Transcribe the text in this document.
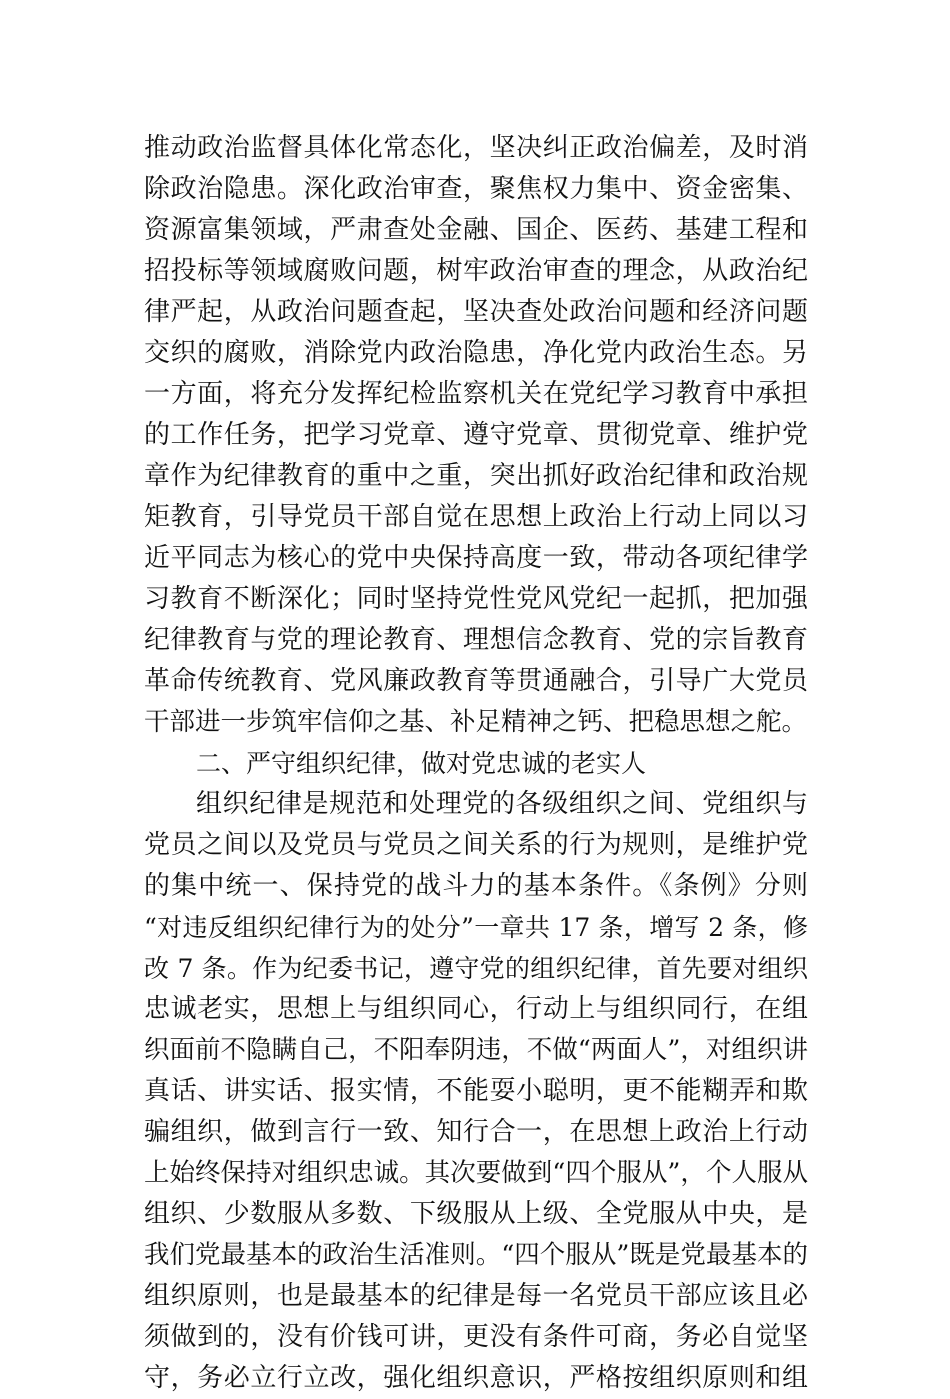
推动政治监督具体化常态化，坚决纠正政治偏差，及时消
除政治隐患。深化政治审查，聚焦权力集中、资金密集、
资源富集领域，严肃查处金融、国企、医药、基建工程和
招投标等领域腐败问题，树牢政治审查的理念，从政治纪
律严起，从政治问题查起，坚决查处政治问题和经济问题
交织的腐败，消除党内政治隐患，净化党内政治生态。另
一方面，将充分发挥纪检监察机关在党纪学习教育中承担
的工作任务，把学习党章、遵守党章、贯彻党章、维护党
章作为纪律教育的重中之重，突出抓好政治纪律和政治规
矩教育，引导党员干部自觉在思想上政治上行动上同以习
近平同志为核心的党中央保持高度一致，带动各项纪律学
习教育不断深化；同时坚持党性党风党纪一起抓，把加强
纪律教育与党的理论教育、理想信念教育、党的宗旨教育
革命传统教育、党风廉政教育等贯通融合，引导广大党员
干部进一步筑牢信仰之基、补足精神之钙、把稳思想之舵。
二、严守组织纪律，做对党忠诚的老实人
组织纪律是规范和处理党的各级组织之间、党组织与
党员之间以及党员与党员之间关系的行为规则，是维护党
的集中统一、保持党的战斗力的基本条件。《条例》分则
“对违反组织纪律行为的处分”一章共 17 条，增写 2 条，修
改 7 条。作为纪委书记，遵守党的组织纪律，首先要对组织
忠诚老实，思想上与组织同心，行动上与组织同行，在组
织面前不隐瞒自己，不阳奉阴违，不做“两面人”，对组织讲
真话、讲实话、报实情，不能耍小聪明，更不能糊弄和欺
骗组织，做到言行一致、知行合一，在思想上政治上行动
上始终保持对组织忠诚。其次要做到“四个服从”，个人服从
组织、少数服从多数、下级服从上级、全党服从中央，是
我们党最基本的政治生活准则。“四个服从”既是党最基本的
组织原则，也是最基本的纪律是每一名党员干部应该且必
须做到的，没有价钱可讲，更没有条件可商，务必自觉坚
守，务必立行立改，强化组织意识，严格按组织原则和组
